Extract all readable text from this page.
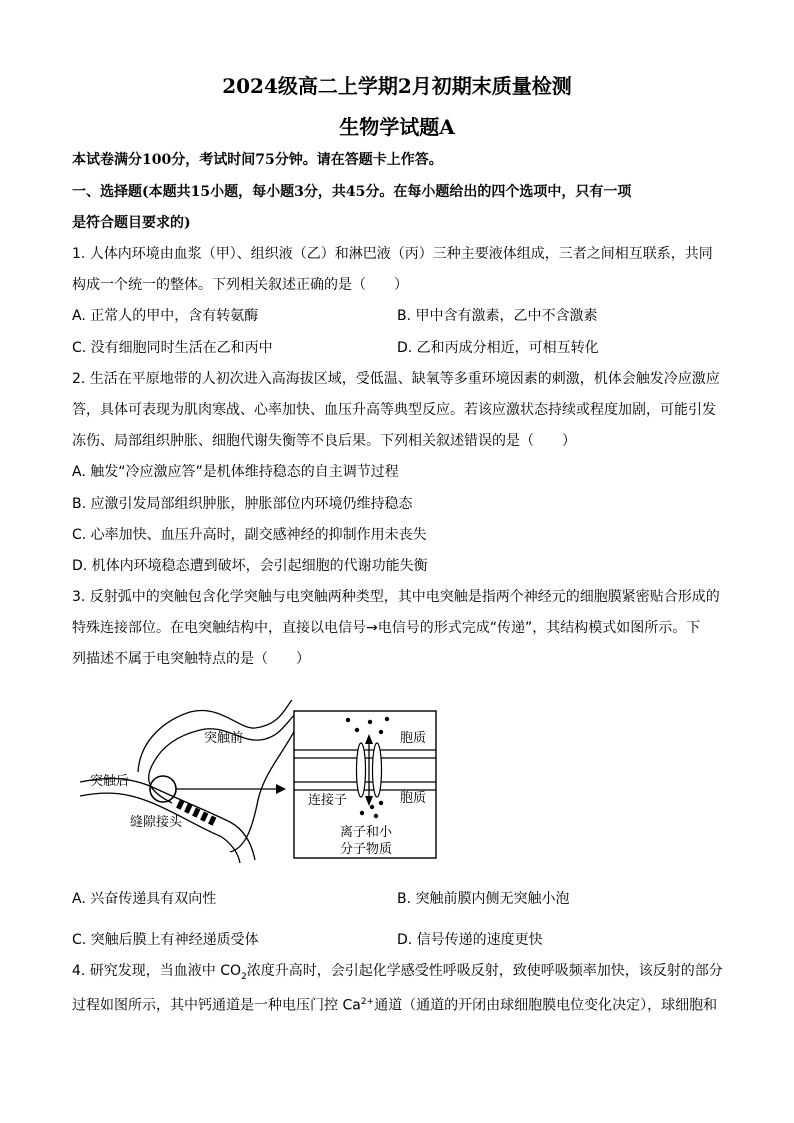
2024级高二上学期2月初期末质量检测
生物学试题A
本试卷满分100分，考试时间75分钟。请在答题卡上作答。
一、选择题(本题共15小题，每小题3分，共45分。在每小题给出的四个选项中，只有一项
是符合题目要求的)
1. 人体内环境由血浆（甲）、组织液（乙）和淋巴液（丙）三种主要液体组成，三者之间相互联系，共同
构成一个统一的整体。下列相关叙述正确的是（　　）
A. 正常人的甲中，含有转氨酶	B. 甲中含有激素，乙中不含激素
C. 没有细胞同时生活在乙和丙中	D. 乙和丙成分相近，可相互转化
2. 生活在平原地带的人初次进入高海拔区域，受低温、缺氧等多重环境因素的刺激，机体会触发冷应激应
答，具体可表现为肌肉寒战、心率加快、血压升高等典型反应。若该应激状态持续或程度加剧，可能引发
冻伤、局部组织肿胀、细胞代谢失衡等不良后果。下列相关叙述错误的是（　　）
A. 触发“冷应激应答”是机体维持稳态的自主调节过程
B. 应激引发局部组织肿胀，肿胀部位内环境仍维持稳态
C. 心率加快、血压升高时，副交感神经的抑制作用未丧失
D. 机体内环境稳态遭到破坏，会引起细胞的代谢功能失衡
3. 反射弧中的突触包含化学突触与电突触两种类型，其中电突触是指两个神经元的细胞膜紧密贴合形成的
特殊连接部位。在电突触结构中，直接以电信号→电信号的形式完成“传递”，其结构模式如图所示。下
列描述不属于电突触特点的是（　　）
突触前
突触后
缝隙接头
胞质
胞质
连接子
离子和小
分子物质
A. 兴奋传递具有双向性	B. 突触前膜内侧无突触小泡
C. 突触后膜上有神经递质受体	D. 信号传递的速度更快
4. 研究发现，当血液中 $CO_2$浓度升高时，会引起化学感受性呼吸反射，致使呼吸频率加快，该反射的部分
过程如图所示，其中钙通道是一种电压门控 $Ca^{2+}$通道（通道的开闭由球细胞膜电位变化决定），球细胞和
